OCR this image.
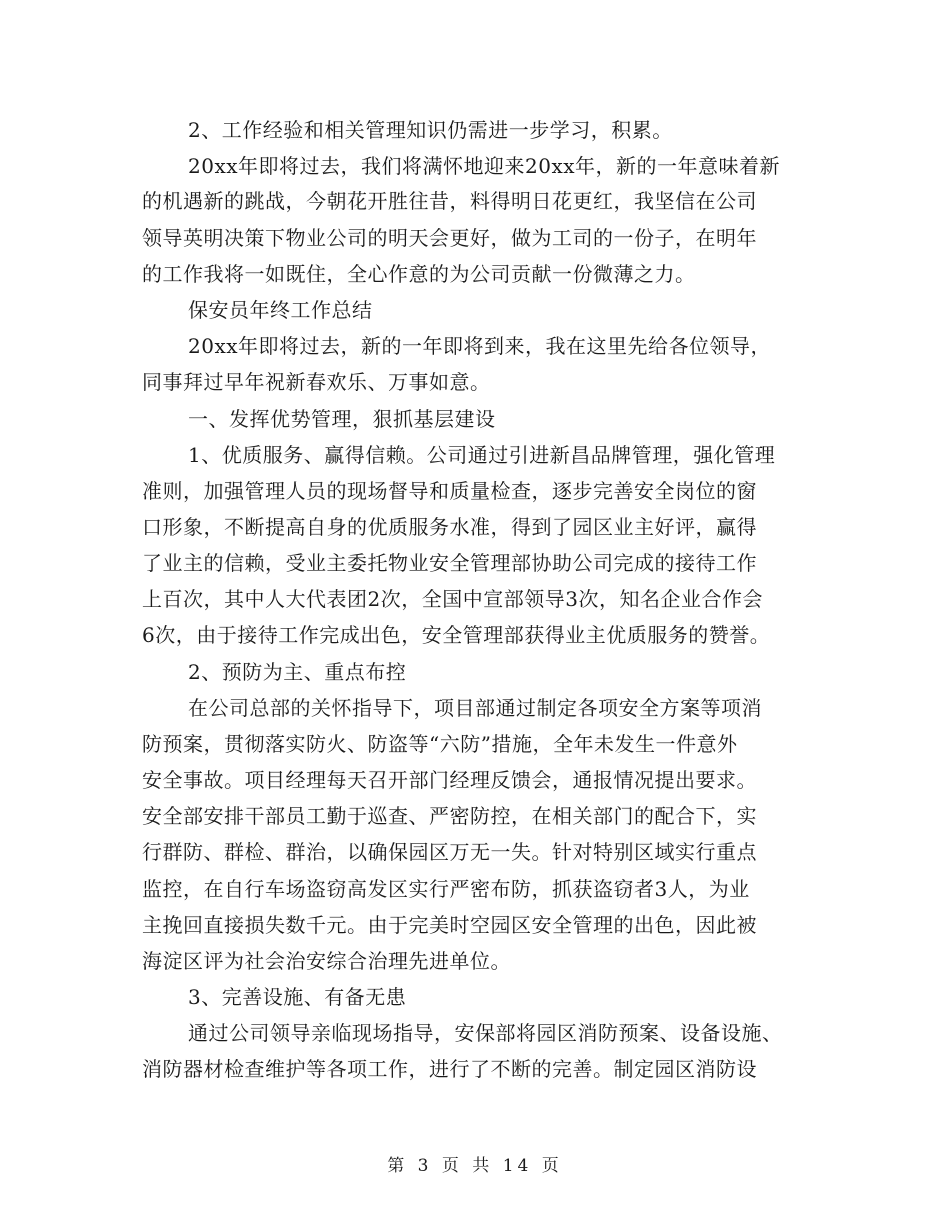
2、工作经验和相关管理知识仍需进一步学习，积累。
20xx年即将过去，我们将满怀地迎来20xx年，新的一年意味着新
的机遇新的跳战，今朝花开胜往昔，料得明日花更红，我坚信在公司
领导英明决策下物业公司的明天会更好，做为工司的一份子，在明年
的工作我将一如既住，全心作意的为公司贡献一份微薄之力。
保安员年终工作总结
20xx年即将过去，新的一年即将到来，我在这里先给各位领导，
同事拜过早年祝新春欢乐、万事如意。
一、发挥优势管理，狠抓基层建设
1、优质服务、赢得信赖。公司通过引进新昌品牌管理，强化管理
准则，加强管理人员的现场督导和质量检查，逐步完善安全岗位的窗
口形象，不断提高自身的优质服务水准，得到了园区业主好评，赢得
了业主的信赖，受业主委托物业安全管理部协助公司完成的接待工作
上百次，其中人大代表团2次，全国中宣部领导3次，知名企业合作会
6次，由于接待工作完成出色，安全管理部获得业主优质服务的赞誉。
2、预防为主、重点布控
在公司总部的关怀指导下，项目部通过制定各项安全方案等项消
防预案，贯彻落实防火、防盗等“六防”措施，全年未发生一件意外
安全事故。项目经理每天召开部门经理反馈会，通报情况提出要求。
安全部安排干部员工勤于巡查、严密防控，在相关部门的配合下，实
行群防、群检、群治，以确保园区万无一失。针对特别区域实行重点
监控，在自行车场盗窃高发区实行严密布防，抓获盗窃者3人，为业
主挽回直接损失数千元。由于完美时空园区安全管理的出色，因此被
海淀区评为社会治安综合治理先进单位。
3、完善设施、有备无患
通过公司领导亲临现场指导，安保部将园区消防预案、设备设施、
消防器材检查维护等各项工作，进行了不断的完善。制定园区消防设
第 3 页 共 14 页
